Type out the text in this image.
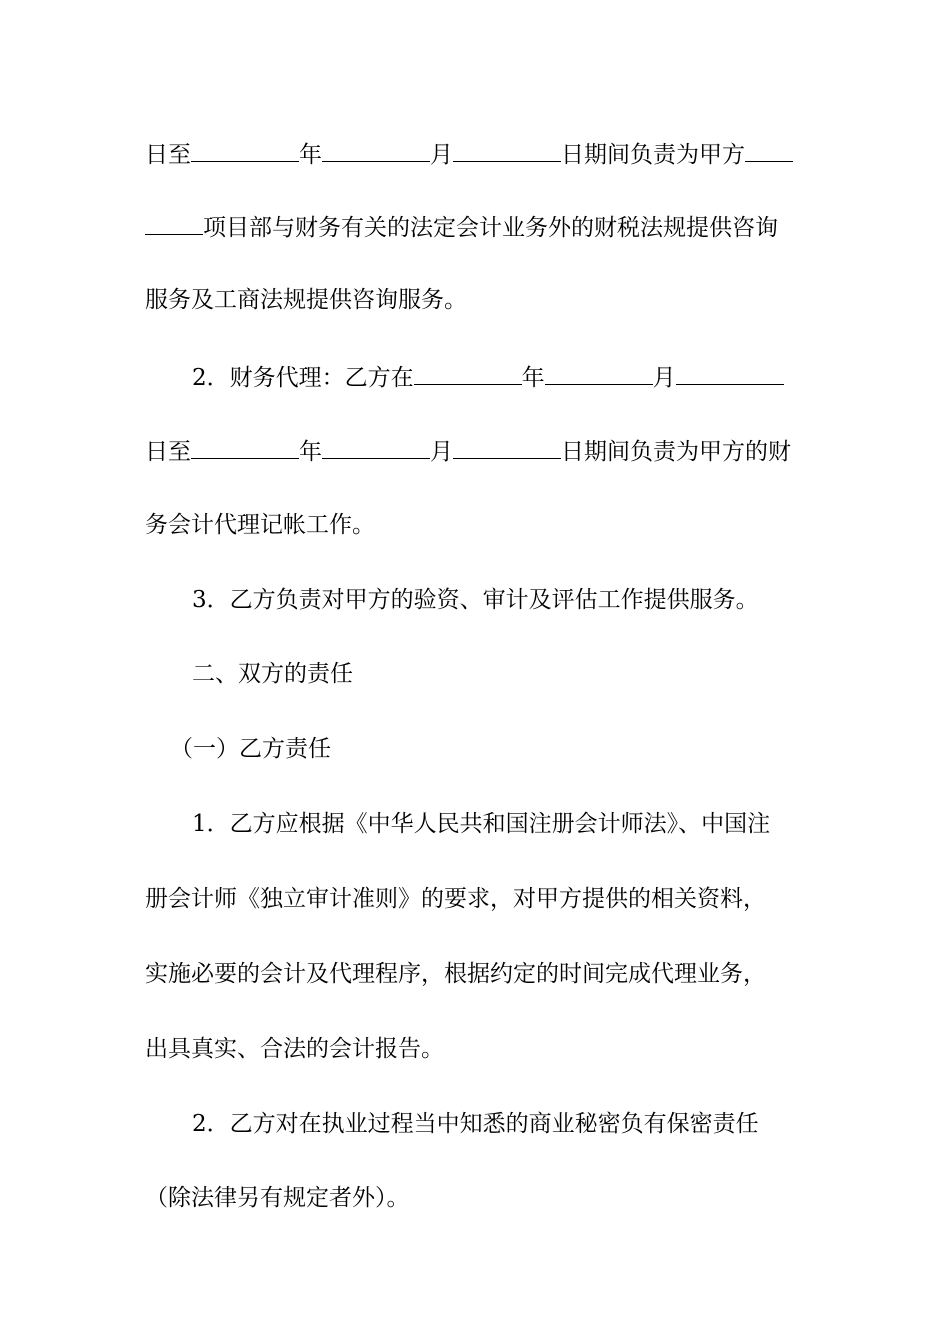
日至	年	月	日期间负责为甲方
项目部与财务有关的法定会计业务外的财税法规提供咨询
服务及工商法规提供咨询服务。
2．财务代理：乙方在	年	月
日至	年	月	日期间负责为甲方的财
务会计代理记帐工作。
3．乙方负责对甲方的验资、审计及评估工作提供服务。
二、双方的责任
（一）乙方责任
1．乙方应根据《中华人民共和国注册会计师法》、中国注
册会计师《独立审计准则》的要求，对甲方提供的相关资料，
实施必要的会计及代理程序，根据约定的时间完成代理业务，
出具真实、合法的会计报告。
2．乙方对在执业过程当中知悉的商业秘密负有保密责任
（除法律另有规定者外）。
